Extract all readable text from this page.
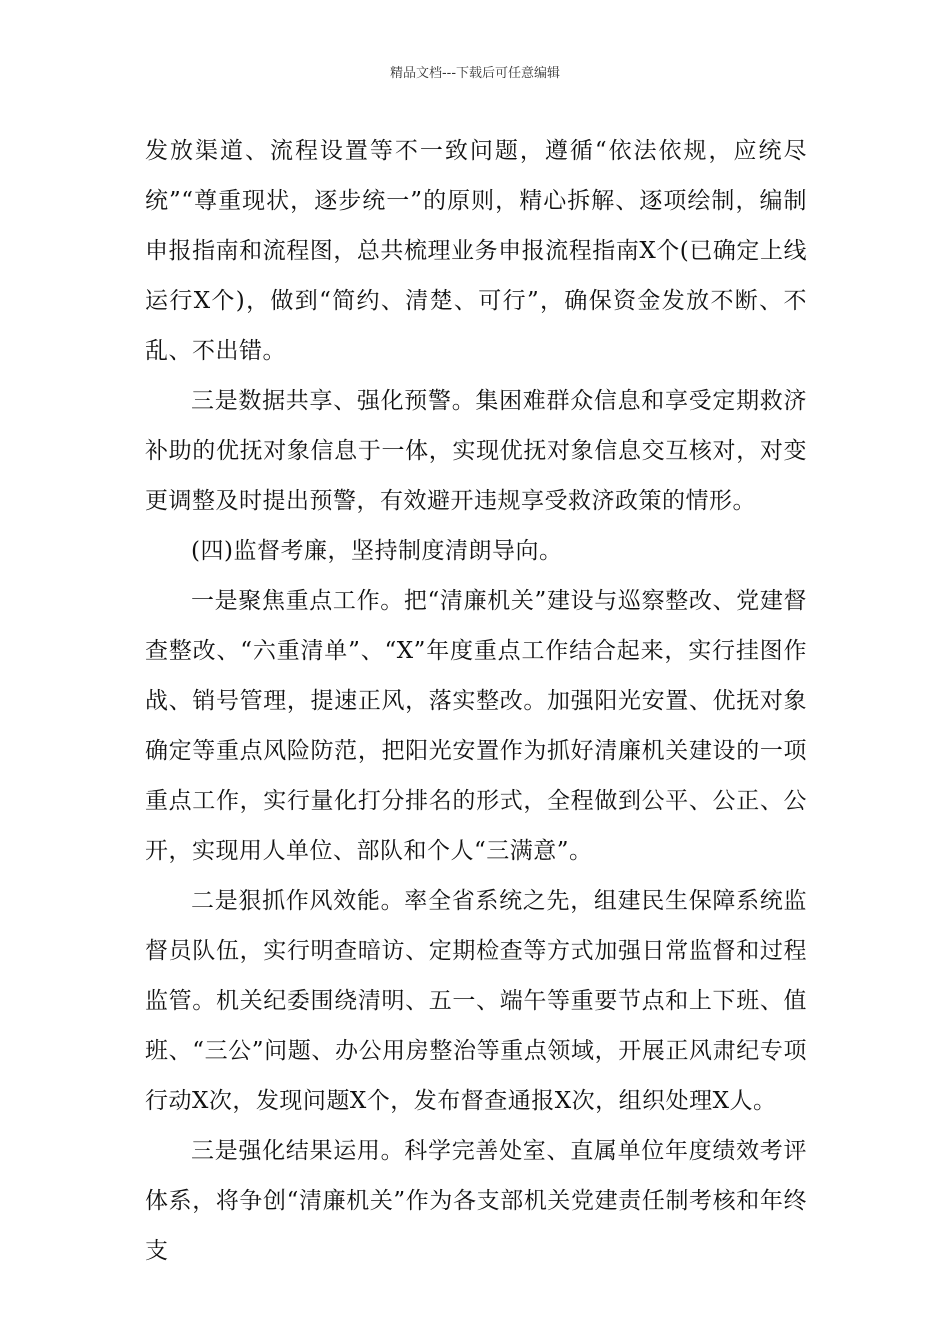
精品文档---下载后可任意编辑

发放渠道、流程设置等不一致问题，遵循“依法依规，应统尽统”“尊重现状，逐步统一”的原则，精心拆解、逐项绘制，编制申报指南和流程图，总共梳理业务申报流程指南X个(已确定上线运行X个)，做到“简约、清楚、可行”，确保资金发放不断、不乱、不出错。

三是数据共享、强化预警。集困难群众信息和享受定期救济补助的优抚对象信息于一体，实现优抚对象信息交互核对，对变更调整及时提出预警，有效避开违规享受救济政策的情形。

(四)监督考廉，坚持制度清朗导向。

一是聚焦重点工作。把“清廉机关”建设与巡察整改、党建督查整改、“六重清单”、“X”年度重点工作结合起来，实行挂图作战、销号管理，提速正风，落实整改。加强阳光安置、优抚对象确定等重点风险防范，把阳光安置作为抓好清廉机关建设的一项重点工作，实行量化打分排名的形式，全程做到公平、公正、公开，实现用人单位、部队和个人“三满意”。

二是狠抓作风效能。率全省系统之先，组建民生保障系统监督员队伍，实行明查暗访、定期检查等方式加强日常监督和过程监管。机关纪委围绕清明、五一、端午等重要节点和上下班、值班、“三公”问题、办公用房整治等重点领域，开展正风肃纪专项行动X次，发现问题X个，发布督查通报X次，组织处理X人。

三是强化结果运用。科学完善处室、直属单位年度绩效考评体系，将争创“清廉机关”作为各支部机关党建责任制考核和年终支
